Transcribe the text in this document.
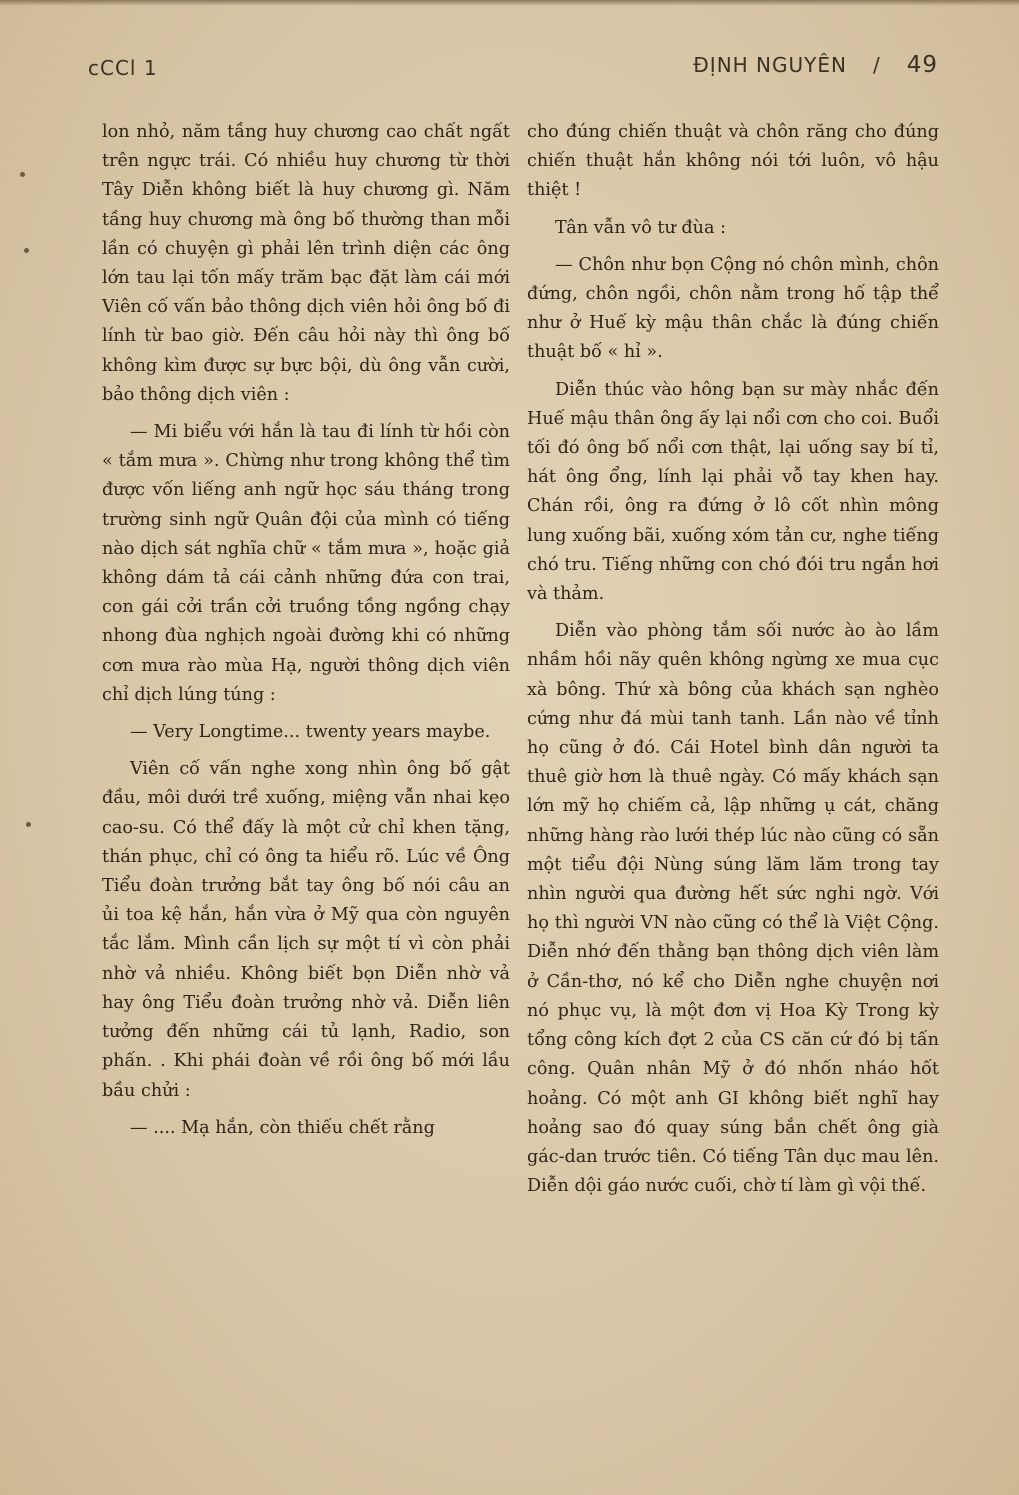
ᴄCCl 1	ĐỊNH NGUYÊN / 49

lon nhỏ, năm tầng huy chương cao chất ngất trên ngực trái. Có nhiều huy chương từ thời Tây Diễn không biết là huy chương gì. Năm tầng huy chương mà ông bố thường than mỗi lần có chuyện gì phải lên trình diện các ông lớn tau lại tốn mấy trăm bạc đặt làm cái mới Viên cố vấn bảo thông dịch viên hỏi ông bố đi lính từ bao giờ. Đến câu hỏi này thì ông bố không kìm được sự bực bội, dù ông vẫn cười, bảo thông dịch viên :

— Mi biểu với hắn là tau đi lính từ hồi còn « tắm mưa ». Chừng như trong không thể tìm được vốn liếng anh ngữ học sáu tháng trong trường sinh ngữ Quân đội của mình có tiếng nào dịch sát nghĩa chữ « tắm mưa », hoặc giả không dám tả cái cảnh những đứa con trai, con gái cởi trần cởi truồng tồng ngồng chạy nhong đùa nghịch ngoài đường khi có những cơn mưa rào mùa Hạ, người thông dịch viên chỉ dịch lúng túng :

— Very Longtime... twenty years maybe.

Viên cố vấn nghe xong nhìn ông bố gật đầu, môi dưới trề xuống, miệng vẫn nhai kẹo cao-su. Có thể đấy là một cử chỉ khen tặng, thán phục, chỉ có ông ta hiểu rõ. Lúc về Ông Tiểu đoàn trưởng bắt tay ông bố nói câu an ủi toa kệ hắn, hắn vừa ở Mỹ qua còn nguyên tắc lắm. Mình cần lịch sự một tí vì còn phải nhờ vả nhiều. Không biết bọn Diễn nhờ vả hay ông Tiểu đoàn trưởng nhờ vả. Diễn liên tưởng đến những cái tủ lạnh, Radio, son phấn. . Khi phái đoàn về rồi ông bố mới lầu bầu chửi :

— .... Mạ hắn, còn thiếu chết rằng

cho đúng chiến thuật và chôn răng cho đúng chiến thuật hắn không nói tới luôn, vô hậu thiệt !

Tân vẫn vô tư đùa :

— Chôn như bọn Cộng nó chôn mình, chôn đứng, chôn ngồi, chôn nằm trong hố tập thể như ở Huế kỳ mậu thân chắc là đúng chiến thuật bố « hỉ ».

Diễn thúc vào hông bạn sư mày nhắc đến Huế mậu thân ông ấy lại nổi cơn cho coi. Buổi tối đó ông bố nổi cơn thật, lại uống say bí tỉ, hát ông ổng, lính lại phải vỗ tay khen hay. Chán rồi, ông ra đứng ở lô cốt nhìn mông lung xuống bãi, xuống xóm tản cư, nghe tiếng chó tru. Tiếng những con chó đói tru ngắn hơi và thảm.

Diễn vào phòng tắm sối nước ào ào lầm nhầm hồi nãy quên không ngừng xe mua cục xà bông. Thứ xà bông của khách sạn nghèo cứng như đá mùi tanh tanh. Lần nào về tỉnh họ cũng ở đó. Cái Hotel bình dân người ta thuê giờ hơn là thuê ngày. Có mấy khách sạn lớn mỹ họ chiếm cả, lập những ụ cát, chăng những hàng rào lưới thép lúc nào cũng có sẵn một tiểu đội Nùng súng lăm lăm trong tay nhìn người qua đường hết sức nghi ngờ. Với họ thì người VN nào cũng có thể là Việt Cộng. Diễn nhớ đến thằng bạn thông dịch viên làm ở Cần-thơ, nó kể cho Diễn nghe chuyện nơi nó phục vụ, là một đơn vị Hoa Kỳ Trong kỳ tổng công kích đợt 2 của CS căn cứ đó bị tấn công. Quân nhân Mỹ ở đó nhốn nháo hốt hoảng. Có một anh GI không biết nghĩ hay hoảng sao đó quay súng bắn chết ông già gác-dan trước tiên. Có tiếng Tân dục mau lên. Diễn dội gáo nước cuối, chờ tí làm gì vội thế.
